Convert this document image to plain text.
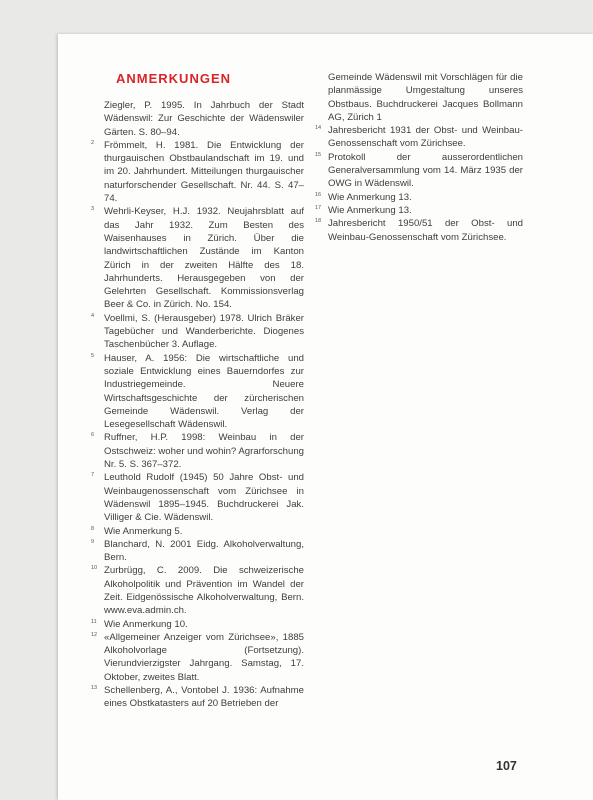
ANMERKUNGEN
Ziegler, P. 1995. In Jahrbuch der Stadt Wädenswil: Zur Geschichte der Wädenswiler Gärten. S. 80–94.
2 Frömmelt, H. 1981. Die Entwicklung der thurgauischen Obstbaulandschaft im 19. und im 20. Jahrhundert. Mitteilungen thurgauischer naturforschender Gesellschaft. Nr. 44. S. 47–74.
3 Wehrli-Keyser, H.J. 1932. Neujahrsblatt auf das Jahr 1932. Zum Besten des Waisenhauses in Zürich. Über die landwirtschaftlichen Zustände im Kanton Zürich in der zweiten Hälfte des 18. Jahrhunderts. Herausgegeben von der Gelehrten Gesellschaft. Kommissionsverlag Beer & Co. in Zürich. No. 154.
4 Voellmi, S. (Herausgeber) 1978. Ulrich Bräker Tagebücher und Wanderberichte. Diogenes Taschenbücher 3. Auflage.
5 Hauser, A. 1956: Die wirtschaftliche und soziale Entwicklung eines Bauerndorfes zur Industriegemeinde. Neuere Wirtschaftsgeschichte der zürcherischen Gemeinde Wädenswil. Verlag der Lesegesellschaft Wädenswil.
6 Ruffner, H.P. 1998: Weinbau in der Ostschweiz: woher und wohin? Agrarforschung Nr. 5. S. 367–372.
7 Leuthold Rudolf (1945) 50 Jahre Obst- und Weinbaugenossenschaft vom Zürichsee in Wädenswil 1895–1945. Buchdruckerei Jak. Villiger & Cie. Wädenswil.
8 Wie Anmerkung 5.
9 Blanchard, N. 2001 Eidg. Alkoholverwaltung, Bern.
10 Zurbrügg, C. 2009. Die schweizerische Alkoholpolitik und Prävention im Wandel der Zeit. Eidgenössische Alkoholverwaltung, Bern. www.eva.admin.ch.
11 Wie Anmerkung 10.
12 «Allgemeiner Anzeiger vom Zürichsee», 1885 Alkoholvorlage (Fortsetzung). Vierundvierzigster Jahrgang. Samstag, 17. Oktober, zweites Blatt.
13 Schellenberg, A., Vontobel J. 1936: Aufnahme eines Obstkatasters auf 20 Betrieben der
Gemeinde Wädenswil mit Vorschlägen für die planmässige Umgestaltung unseres Obstbaus. Buchdruckerei Jacques Bollmann AG, Zürich 1
14 Jahresbericht 1931 der Obst- und Weinbau-Genossenschaft vom Zürichsee.
15 Protokoll der ausserordentlichen Generalversammlung vom 14. März 1935 der OWG in Wädenswil.
16 Wie Anmerkung 13.
17 Wie Anmerkung 13.
18 Jahresbericht 1950/51 der Obst- und Weinbau-Genossenschaft vom Zürichsee.
107
